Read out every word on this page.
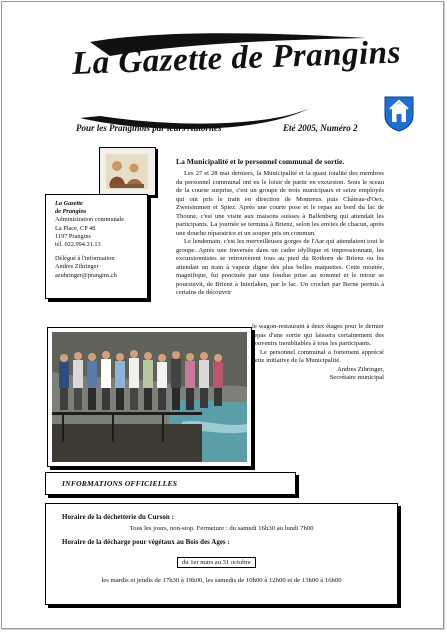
La Gazette de Prangins
Pour les Pranginois par leurs Autorités	Eté 2005, Numéro 2
La Gazette
de Prangins
Administration communale
La Place, CP 48
1197 Prangins
tél. 022.994.31.13
Délégué à l'information
Andres Zihringer
azuhringer@prangins.ch
La Municipalité et le personnel communal de sortie.

Les 27 et 28 mai derniers, la Municipalité et la quasi totalité des membres du personnel communal ont eu le loisir de partir en excursion. Sous le sceau de la course surprise, c'est un groupe de trois municipaux et seize employés qui ont pris le train en direction de Montreux puis Château-d'Oex, Zweisimmen et Spiez. Après une courte pose et le repas au bord du lac de Thoune, c'est une visite aux maisons suisses à Ballenberg qui attendait les participants. La journée se termina à Brienz, selon les envies de chacun, après une douche réparatrice et un souper pris en commun.

Le lendemain, c'est les merveilleuses gorges de l'Aar qui attendaient tout le groupe. Après une traversée dans un cadre idyllique et impressionnant, les excursionnistes se retrouvèrent tous au pied du Rothorn de Brienz ou les attendait un train à vapeur digne des plus belles maquettes. Cette montée, magnifique, fut ponctuée par une fondue prise au sommet et le retour se poursuivit, de Brienz à Interlaken, par le lac. Un crochet par Berne permis à certains de découvrir

le wagon-restaurant à deux étages pour le dernier repas d'une sortie qui laissera certainement des souvenirs inoubliables à tous les participants.

Le personnel communal a fortement apprécié cette initiative de la Municipalité.

Andres Zihringer,
Secrétaire municipal
INFORMATIONS OFFICIELLES
Horaire de la déchetterie du Curson :
Tous les jours, non-stop. Fermeture : du samedi 16h30 au lundi 7h00
Horaire de la décharge pour végétaux au Bois des Ages :
du 1er mars au 31 octobre
les mardis et jeudis de 17h30 à 19h00, les samedis de 10h00 à 12h00 et de 13h00 à 16h00
